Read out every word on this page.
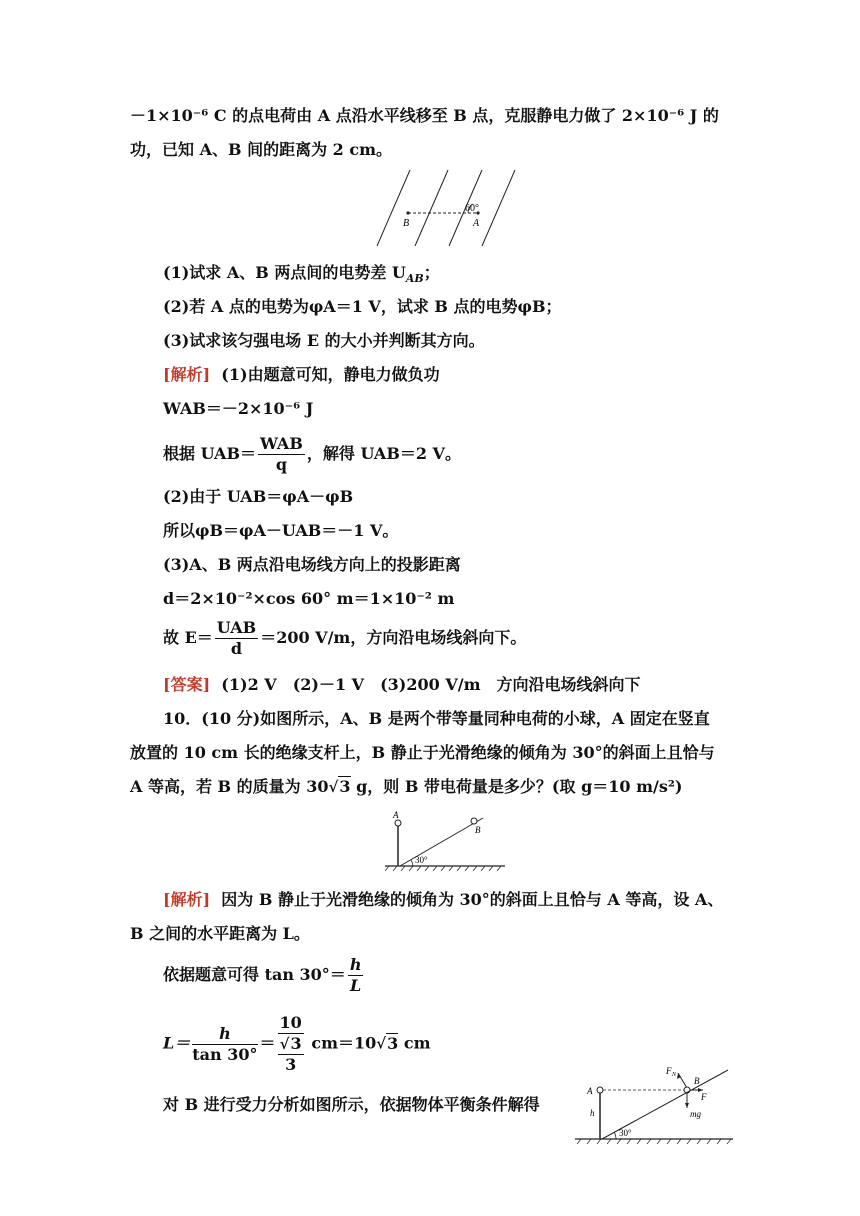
－1×10⁻⁶ C 的点电荷由 A 点沿水平线移至 B 点，克服静电力做了 2×10⁻⁶ J 的
功，已知 A、B 间的距离为 2 cm。
60°
B	A
(1)试求 A、B 两点间的电势差 $U_{AB}$；
(2)若 A 点的电势为φA＝1 V，试求 B 点的电势φB；
(3)试求该匀强电场 E 的大小并判断其方向。
[解析] (1)由题意可知，静电力做负功
WAB＝－2×10⁻⁶ J
根据 $UAB= \frac{\text{WAB}}{q}$ ，解得 UAB＝2 V。
(2)由于 UAB＝φA－φB
所以φB＝φA－UAB＝－1 V。
(3)A、B 两点沿电场线方向上的投影距离
d＝2×10⁻²×cos 60° m＝1×10⁻² m
故 $E= \frac{\text{UAB}}{d} =200$ V/m，方向沿电场线斜向下。
[答案] (1)2 V　(2)－1 V　(3)200 V/m　方向沿电场线斜向下
10．(10 分)如图所示，A、B 是两个带等量同种电荷的小球，A 固定在竖直
放置的 10 cm 长的绝缘支杆上，B 静止于光滑绝缘的倾角为 30°的斜面上且恰与
A 等高，若 B 的质量为 30√3 g，则 B 带电荷量是多少？(取 g＝10 m/s²)
A
B
30°
[解析] 因为 B 静止于光滑绝缘的倾角为 30°的斜面上且恰与 A 等高，设 A、
B 之间的水平距离为 L。
依据题意可得 $\tan 30^\circ= \frac{h}{L}$
$L= \frac{h}{\tan 30^\circ}$ ＝
10
√3
3
cm＝10√3 cm
对 B 进行受力分析如图所示，依据物体平衡条件解得
F N
B
A
F
mg
h
30°
